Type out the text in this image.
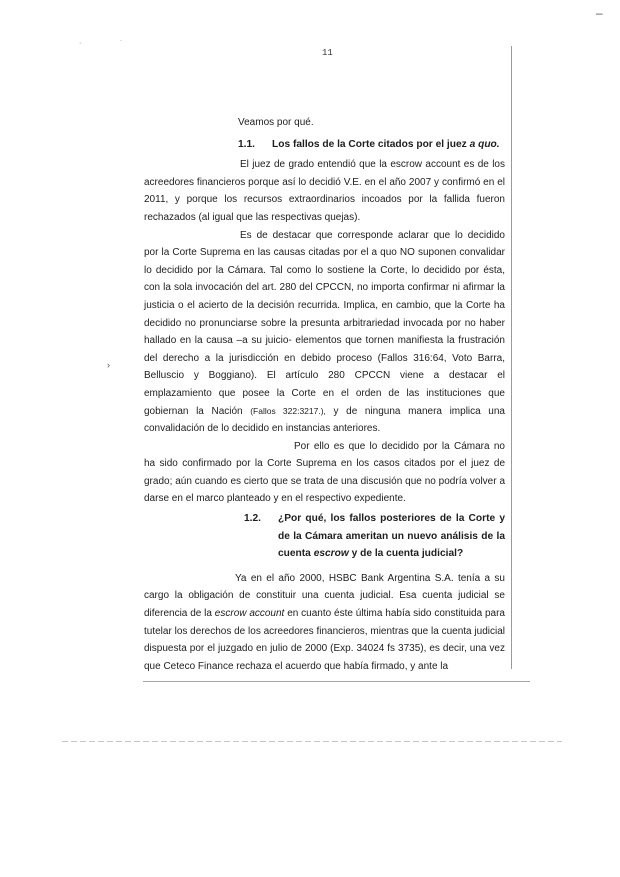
11
·	·
–
›

Veamos por qué.

1.1. Los fallos de la Corte citados por el juez a quo.

El juez de grado entendió que la escrow account es de los acreedores financieros porque así lo decidió V.E. en el año 2007 y confirmó en el 2011, y porque los recursos extraordinarios incoados por la fallida fueron rechazados (al igual que las respectivas quejas).

Es de destacar que corresponde aclarar que lo decidido por la Corte Suprema en las causas citadas por el a quo NO suponen convalidar lo decidido por la Cámara. Tal como lo sostiene la Corte, lo decidido por ésta, con la sola invocación del art. 280 del CPCCN, no importa confirmar ni afirmar la justicia o el acierto de la decisión recurrida. Implica, en cambio, que la Corte ha decidido no pronunciarse sobre la presunta arbitrariedad invocada por no haber hallado en la causa –a su juicio- elementos que tornen manifiesta la frustración del derecho a la jurisdicción en debido proceso (Fallos 316:64, Voto Barra, Belluscio y Boggiano). El artículo 280 CPCCN viene a destacar el emplazamiento que posee la Corte en el orden de las instituciones que gobiernan la Nación (Fallos 322:3217.), y de ninguna manera implica una convalidación de lo decidido en instancias anteriores.

Por ello es que lo decidido por la Cámara no ha sido confirmado por la Corte Suprema en los casos citados por el juez de grado; aún cuando es cierto que se trata de una discusión que no podría volver a darse en el marco planteado y en el respectivo expediente.

1.2.	¿Por qué, los fallos posteriores de la Corte y de la Cámara ameritan un nuevo análisis de la cuenta escrow y de la cuenta judicial?

Ya en el año 2000, HSBC Bank Argentina S.A. tenía a su cargo la obligación de constituir una cuenta judicial. Esa cuenta judicial se diferencia de la escrow account en cuanto éste última había sido constituida para tutelar los derechos de los acreedores financieros, mientras que la cuenta judicial dispuesta por el juzgado en julio de 2000 (Exp. 34024 fs 3735), es decir, una vez que Ceteco Finance rechaza el acuerdo que había firmado, y ante la
